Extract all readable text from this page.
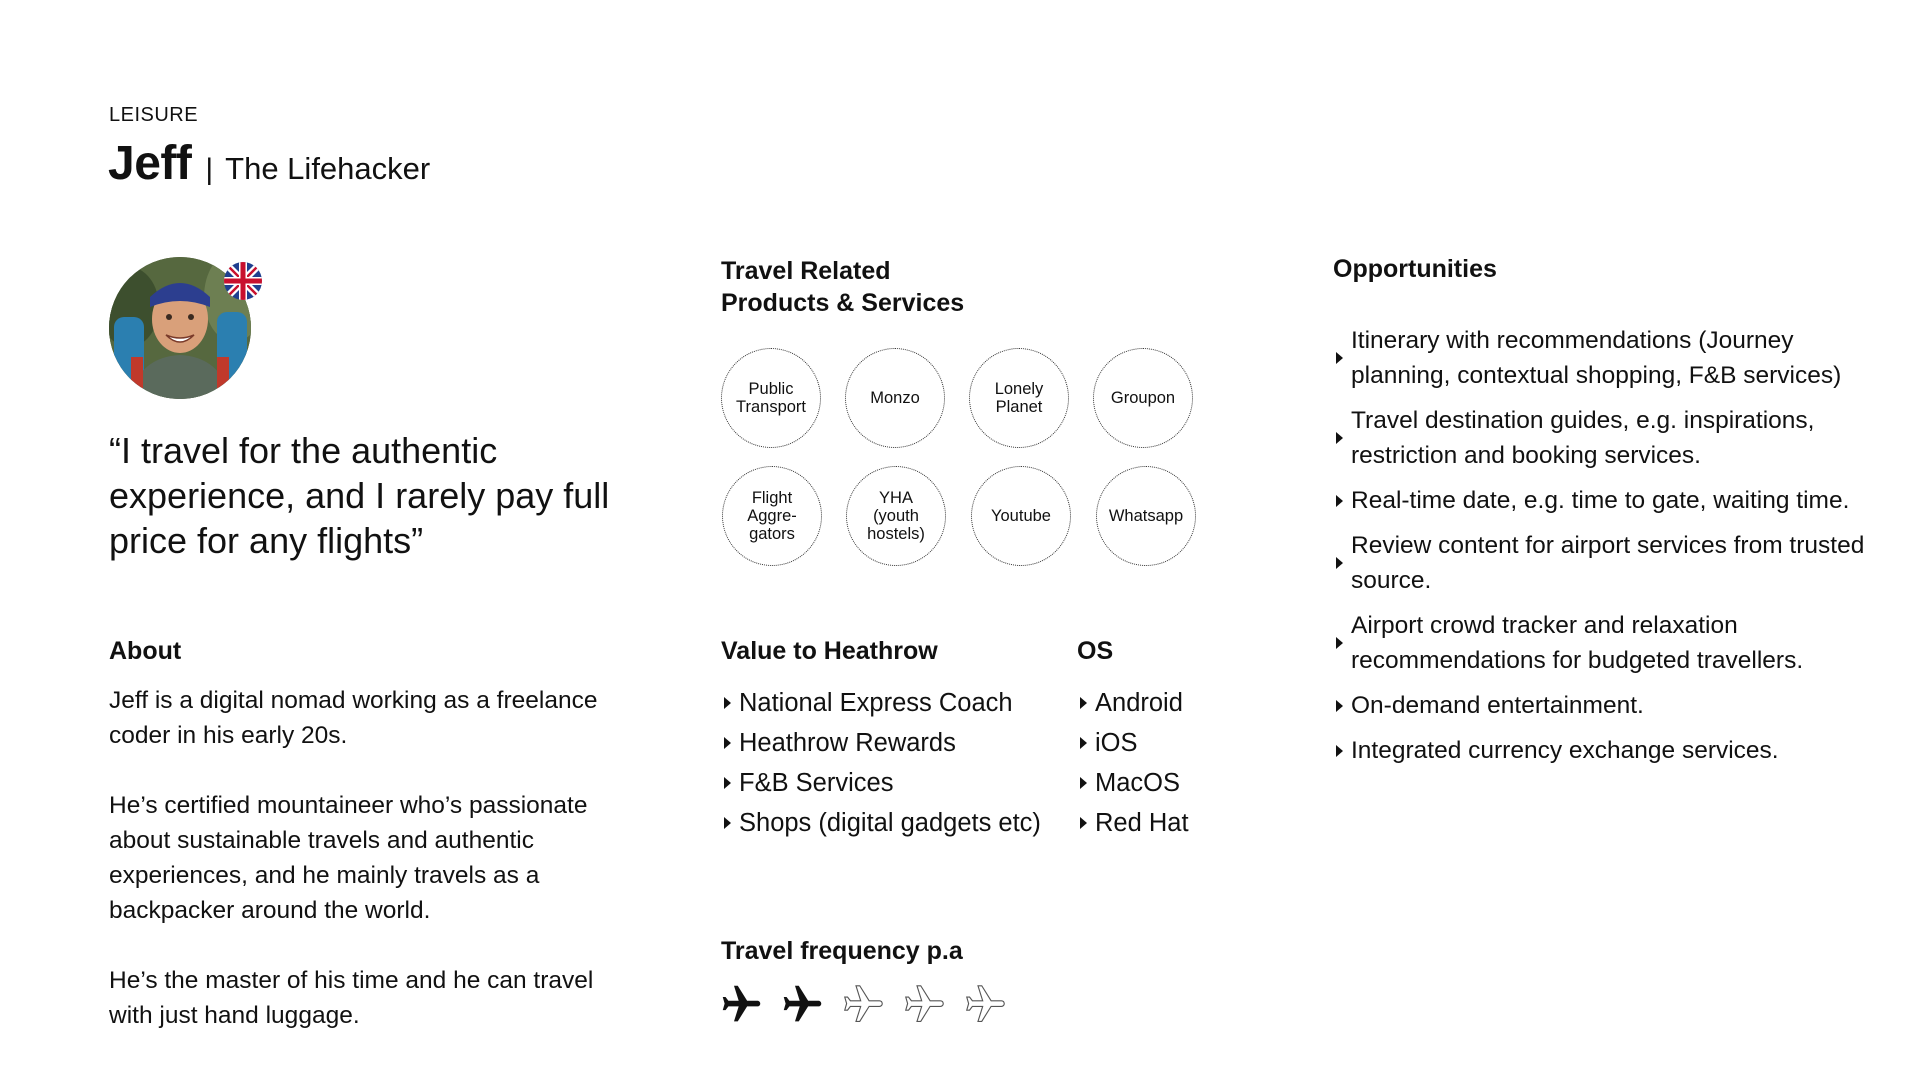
LEISURE
Jeff | The Lifehacker
“I travel for the authentic experience, and I rarely pay full price for any flights”
About

Jeff is a digital nomad working as a freelance coder in his early 20s.

He’s certified mountaineer who’s passionate about sustainable travels and authentic experiences, and he mainly travels as a backpacker around the world.

He’s the master of his time and he can travel with just hand luggage.

Travel Related
Products & Services
Public
Transport	Monzo	Lonely
Planet	Groupon
Flight
Aggre-
gators
YHA
(youth
hostels)
Youtube	Whatsapp
Value to Heathrow
National Express Coach
Heathrow Rewards
F&B Services
Shops (digital gadgets etc)
OS
Android
iOS
MacOS
Red Hat
Travel frequency p.a
Opportunities
Itinerary with recommendations (Journey planning, contextual shopping, F&B services)
Travel destination guides, e.g. inspirations, restriction and booking services.
Real-time date, e.g. time to gate, waiting time.
Review content for airport services from trusted source.
Airport crowd tracker and relaxation recommendations for budgeted travellers.
On-demand entertainment.
Integrated currency exchange services.
